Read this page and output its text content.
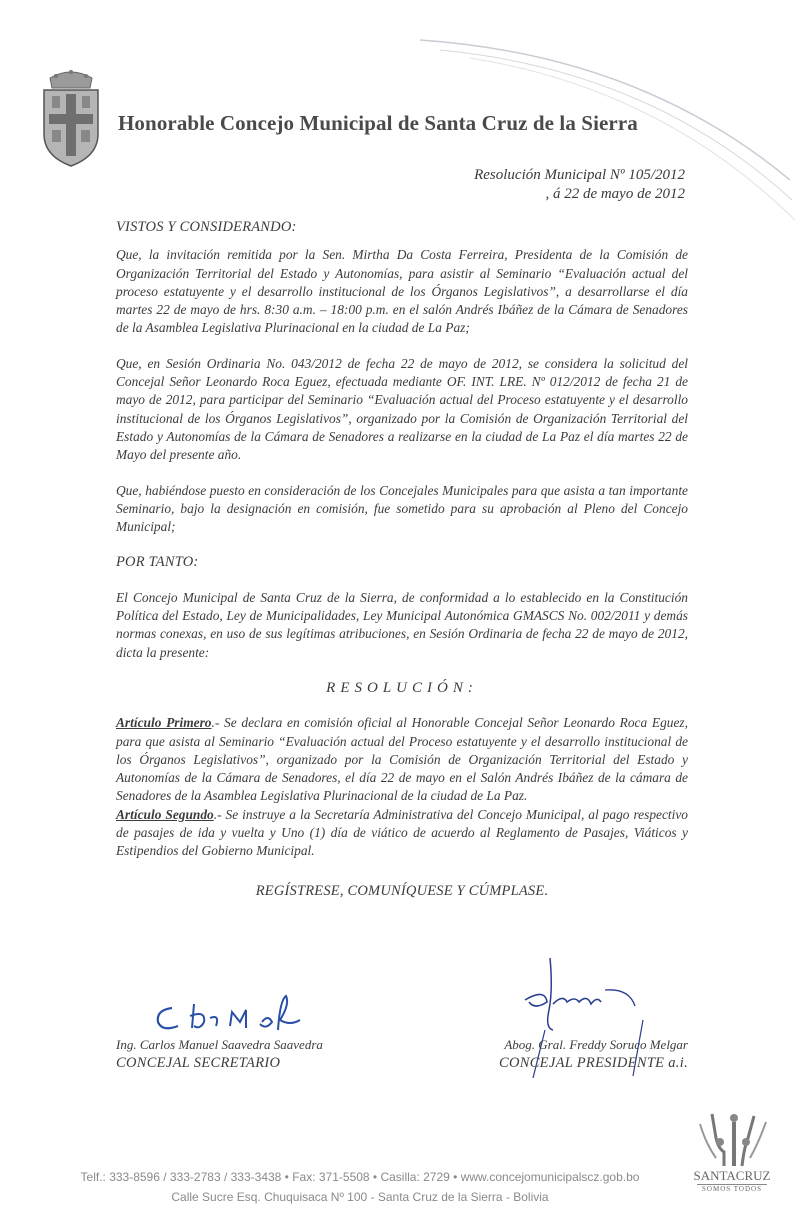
Honorable Concejo Municipal de Santa Cruz de la Sierra
Resolución Municipal Nº 105/2012
, á 22 de mayo de 2012
VISTOS Y CONSIDERANDO:

Que, la invitación remitida por la Sen. Mirtha Da Costa Ferreira, Presidenta de la Comisión de Organización Territorial del Estado y Autonomías, para asistir al Seminario “Evaluación actual del proceso estatuyente y el desarrollo institucional de los Órganos Legislativos”, a desarrollarse el día martes 22 de mayo de hrs. 8:30 a.m. – 18:00 p.m. en el salón Andrés Ibáñez de la Cámara de Senadores de la Asamblea Legislativa Plurinacional en la ciudad de La Paz;

Que, en Sesión Ordinaria No. 043/2012 de fecha 22 de mayo de 2012, se considera la solicitud del Concejal Señor Leonardo Roca Eguez, efectuada mediante OF. INT. LRE. Nº 012/2012 de fecha 21 de mayo de 2012, para participar del Seminario “Evaluación actual del Proceso estatuyente y el desarrollo institucional de los Órganos Legislativos”, organizado por la Comisión de Organización Territorial del Estado y Autonomías de la Cámara de Senadores a realizarse en la ciudad de La Paz el día martes 22 de Mayo del presente año.

Que, habiéndose puesto en consideración de los Concejales Municipales para que asista a tan importante Seminario, bajo la designación en comisión, fue sometido para su aprobación al Pleno del Concejo Municipal;

POR TANTO:

El Concejo Municipal de Santa Cruz de la Sierra, de conformidad a lo establecido en la Constitución Política del Estado, Ley de Municipalidades, Ley Municipal Autonómica GMASCS No. 002/2011 y demás normas conexas, en uso de sus legítimas atribuciones, en Sesión Ordinaria de fecha 22 de mayo de 2012, dicta la presente:

RESOLUCIÓN:

Artículo Primero.- Se declara en comisión oficial al Honorable Concejal Señor Leonardo Roca Eguez, para que asista al Seminario “Evaluación actual del Proceso estatuyente y el desarrollo institucional de los Órganos Legislativos”, organizado por la Comisión de Organización Territorial del Estado y Autonomías de la Cámara de Senadores, el día 22 de mayo en el Salón Andrés Ibáñez de la cámara de Senadores de la Asamblea Legislativa Plurinacional de la ciudad de La Paz.

Artículo Segundo.- Se instruye a la Secretaría Administrativa del Concejo Municipal, al pago respectivo de pasajes de ida y vuelta y Uno (1) día de viático de acuerdo al Reglamento de Pasajes, Viáticos y Estipendios del Gobierno Municipal.

REGÍSTRESE, COMUNÍQUESE Y CÚMPLASE.
Ing. Carlos Manuel Saavedra Saavedra
CONCEJAL SECRETARIO
Abog. Gral. Freddy Soruco Melgar
CONCEJAL PRESIDENTE a.i.
Telf.: 333-8596 / 333-2783 / 333-3438 • Fax: 371-5508 • Casilla: 2729 • www.concejomunicipalscz.gob.bo
Calle Sucre Esq. Chuquisaca Nº 100 - Santa Cruz de la Sierra - Bolivia
SANTACRUZ
SOMOS TODOS
